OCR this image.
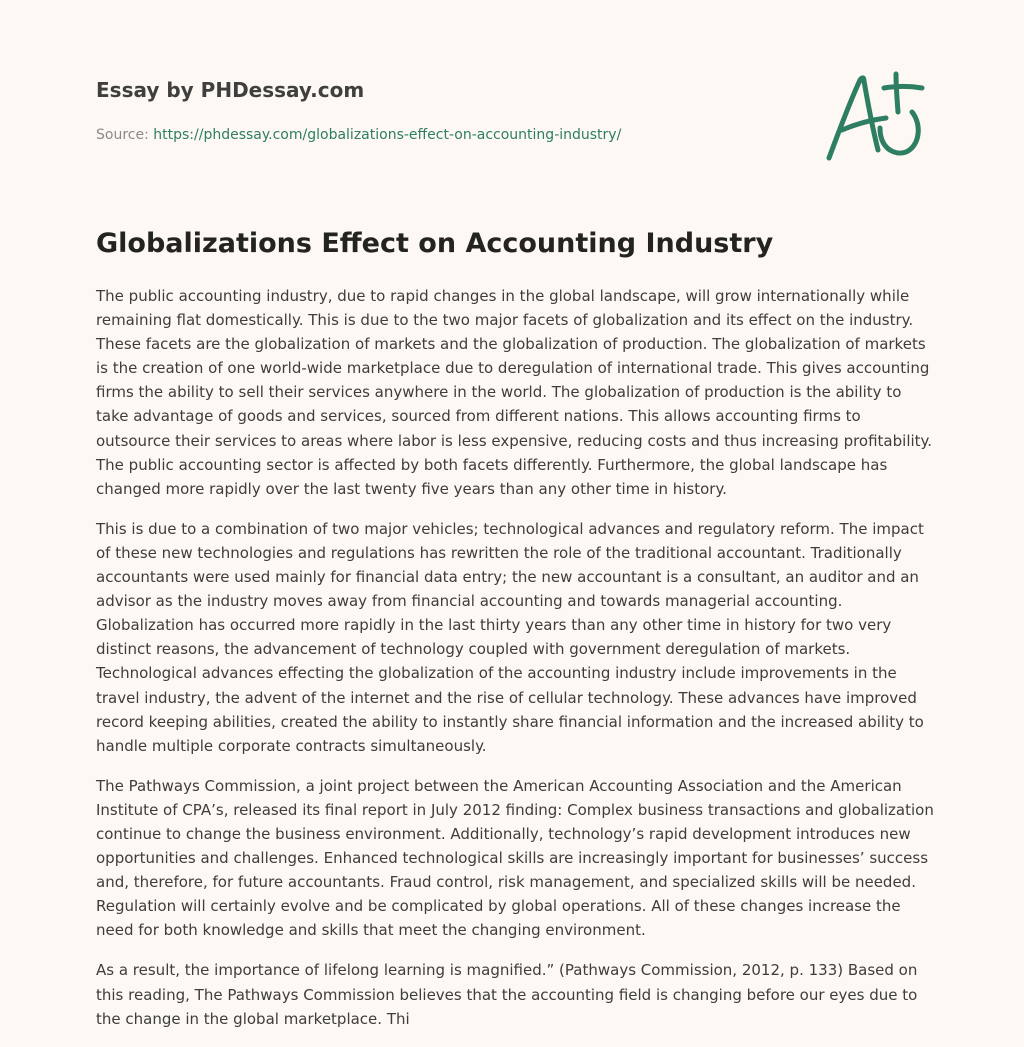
Essay by PHDessay.com
Source: https://phdessay.com/globalizations-effect-on-accounting-industry/
Globalizations Effect on Accounting Industry

The public accounting industry, due to rapid changes in the global landscape, will grow internationally while remaining flat domestically. This is due to the two major facets of globalization and its effect on the industry. These facets are the globalization of markets and the globalization of production. The globalization of markets is the creation of one world-wide marketplace due to deregulation of international trade. This gives accounting firms the ability to sell their services anywhere in the world. The globalization of production is the ability to take advantage of goods and services, sourced from different nations. This allows accounting firms to outsource their services to areas where labor is less expensive, reducing costs and thus increasing profitability. The public accounting sector is affected by both facets differently. Furthermore, the global landscape has changed more rapidly over the last twenty five years than any other time in history.

This is due to a combination of two major vehicles; technological advances and regulatory reform. The impact of these new technologies and regulations has rewritten the role of the traditional accountant. Traditionally accountants were used mainly for financial data entry; the new accountant is a consultant, an auditor and an advisor as the industry moves away from financial accounting and towards managerial accounting. Globalization has occurred more rapidly in the last thirty years than any other time in history for two very distinct reasons, the advancement of technology coupled with government deregulation of markets. Technological advances effecting the globalization of the accounting industry include improvements in the travel industry, the advent of the internet and the rise of cellular technology. These advances have improved record keeping abilities, created the ability to instantly share financial information and the increased ability to handle multiple corporate contracts simultaneously.

The Pathways Commission, a joint project between the American Accounting Association and the American Institute of CPA’s, released its final report in July 2012 finding: Complex business transactions and globalization continue to change the business environment. Additionally, technology’s rapid development introduces new opportunities and challenges. Enhanced technological skills are increasingly important for businesses’ success and, therefore, for future accountants. Fraud control, risk management, and specialized skills will be needed. Regulation will certainly evolve and be complicated by global operations. All of these changes increase the need for both knowledge and skills that meet the changing environment.

As a result, the importance of lifelong learning is magnified.” (Pathways Commission, 2012, p. 133) Based on this reading, The Pathways Commission believes that the accounting field is changing before our eyes due to the change in the global marketplace. Thi
